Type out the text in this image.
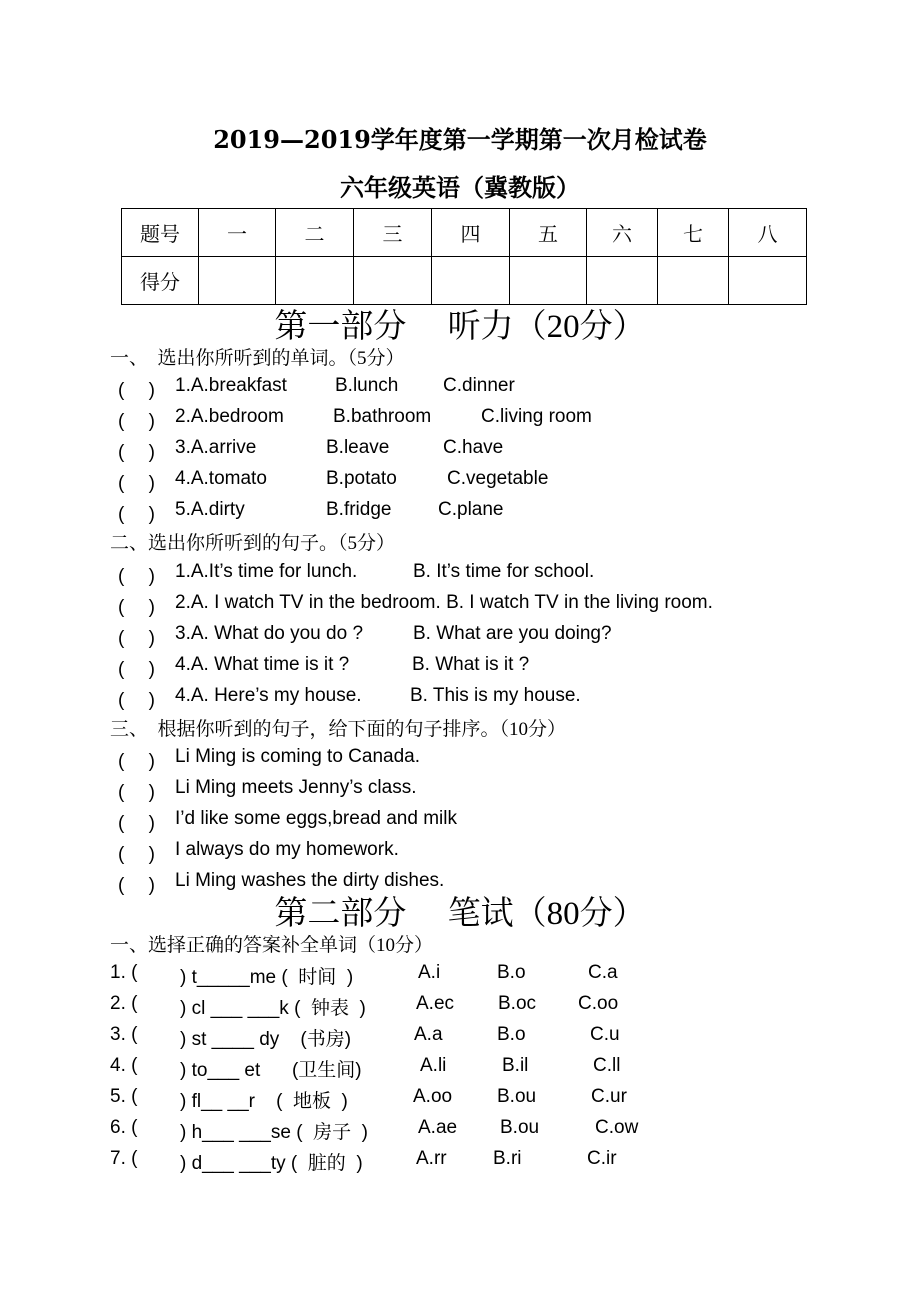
2019—2019学年度第一学期第一次月检试卷
六年级英语（冀教版）
题号	一	二	三	四	五	六	七	八
得分								
第一部分　 听力（20分）
一、　选出你所听到的单词。（5分）
二、选出你所听到的句子。（5分）
三、　根据你听到的句子，给下面的句子排序。（10分）
第二部分　 笔试（80分）
一、选择正确的答案补全单词（10分）
(　 ) 1.A.breakfast	B.lunch C.dinner
(　 ) 2.A.bedroom	B.bathroom	C.living room
(　 ) 3.A.arrive	B.leave	C.have
(　 ) 4.A.tomato	B.potato	C.vegetable
(　 ) 5.A.dirty	B.fridge C.plane
(　 ) 1.A.It’s time for lunch.	B. It’s time for school.
(　 ) 2.A. I watch TV in the bedroom. B. I watch TV in the living room.
(　 ) 3.A. What do you do ?	B. What are you doing?
(　 ) 4.A. What time is it ?	B. What is it ?
(　 ) 4.A. Here’s my house.	B. This is my house.
(　 ) Li Ming is coming to Canada.
(　 ) Li Ming meets Jenny’s class.
(　 ) I’d like some eggs,bread and milk
(　 ) I always do my homework.
(　 ) Li Ming washes the dirty dishes.
1. ( ) t_____me (  时间  )	A.i	B.o	C.a
2. ( ) cl ___ ___k (  钟表  )	A.ec B.oc C.oo
3. ( ) st ____ dy    (书房)	A.a	B.o	C.u
4. ( ) to___ et      (卫生间)	A.li	B.il	C.ll
5. ( ) fl__ __r    (  地板  )	A.oo B.ou	C.ur
6. ( ) h___ ___se (  房子  )	A.ae B.ou	C.ow
7. ( ) d___ ___ty (  脏的  )	A.rr B.ri	C.ir
